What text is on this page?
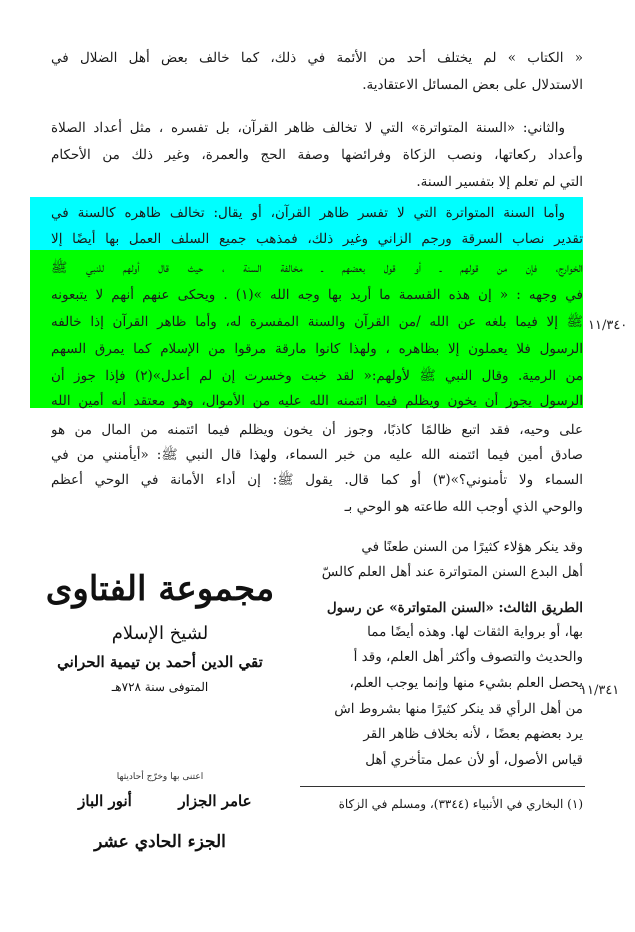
« الكتاب » لم يختلف أحد من الأئمة في ذلك، كما خالف بعض أهل الضلال في
الاستدلال على بعض المسائل الاعتقادية.
والثاني: «السنة المتواترة» التي لا تخالف ظاهر القرآن، بل تفسره ، مثل أعداد الصلاة
وأعداد ركعاتها، ونصب الزكاة وفرائضها وصفة الحج والعمرة، وغير ذلك من الأحكام
التي لم تعلم إلا بتفسير السنة.
وأما السنة المتواترة التي لا تفسر ظاهر القرآن، أو يقال: تخالف ظاهره كالسنة في
تقدير نصاب السرقة ورجم الزاني وغير ذلك، فمذهب جميع السلف العمل بها أيضًا إلا
الخوارج، فإن من قولهم ـ أو قول بعضهم ـ مخالفة السنة ، حيث قال أولهم للنبي ﷺ
في وجهه : « إن هذه القسمة ما أريد بها وجه الله »(١) . ويحكى عنهم أنهم لا يتبعونه
ﷺ إلا فيما بلغه عن الله /من القرآن والسنة المفسرة له، وأما ظاهر القرآن إذا خالفه
الرسول فلا يعملون إلا بظاهره ، ولهذا كانوا مارقة مرقوا من الإسلام كما يمرق السهم
من الرمية. وقال النبي ﷺ لأولهم:« لقد خبت وخسرت إن لم أعدل»(٢) فإذا جوز أن
الرسول يجوز أن يخون ويظلم فيما ائتمنه الله عليه من الأموال، وهو معتقد أنه أمين الله
على وحيه، فقد اتبع ظالمًا كاذبًا، وجوز أن يخون ويظلم فيما ائتمنه من المال من هو
صادق أمين فيما ائتمنه الله عليه من خبر السماء، ولهذا قال النبي ﷺ: «أيأمنني من في
السماء ولا تأمنوني؟»(٣) أو كما قال. يقول ﷺ: إن أداء الأمانة في الوحي أعظم
والوحي الذي أوجب الله طاعته هو الوحي بـ
وقد ينكر هؤلاء كثيرًا من السنن طعنًا في
أهل البدع السنن المتواترة عند أهل العلم كالسّ
الطريق الثالث: «السنن المتواترة» عن رسول
بها، أو برواية الثقات لها. وهذه أيضًا مما
والحديث والتصوف وأكثر أهل العلم، وقد أ
يحصل العلم بشيء منها وإنما يوجب العلم،
من أهل الرأي قد ينكر كثيرًا منها بشروط اش
يرد بعضهم بعضًا ، لأنه بخلاف ظاهر القر
قياس الأصول، أو لأن عمل متأخري أهل
(١) البخاري في الأنبياء (٣٣٤٤)، ومسلم في الزكاة
١١/٣٤٠
١١/٣٤١
مجموعة الفتاوى
لشيخ الإسلام
تقي الدين أحمد بن تيمية الحراني
المتوفى سنة ٧٢٨هـ
اعتنى بها وخرّج أحاديثها
عامر الجزار
أنور الباز
الجزء الحادي عشر
